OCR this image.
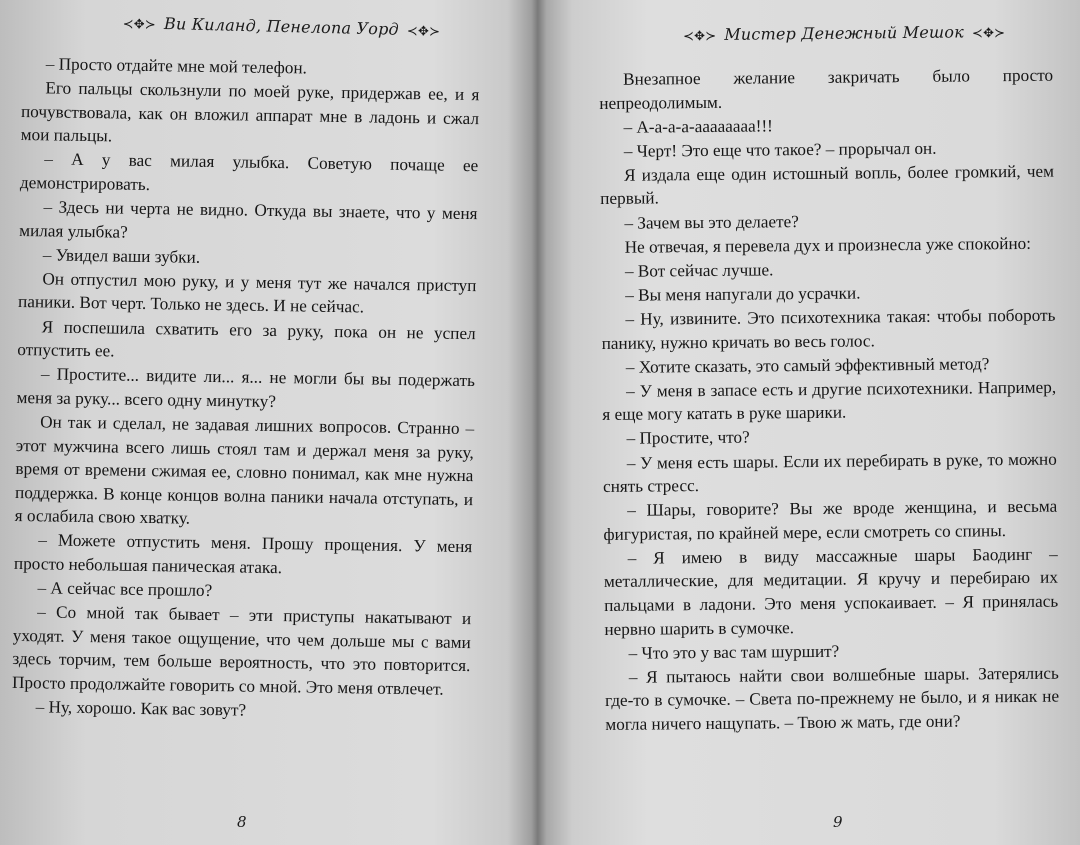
≺✥≻ Ви Киланд, Пенелопа Уорд ≺✥≻

– Просто отдайте мне мой телефон.

Его пальцы скользнули по моей руке, придержав ее, и я почувствовала, как он вложил аппарат мне в ладонь и сжал мои пальцы.

– А у вас милая улыбка. Советую почаще ее демонстрировать.

– Здесь ни черта не видно. Откуда вы знаете, что у меня милая улыбка?

– Увидел ваши зубки.

Он отпустил мою руку, и у меня тут же начался приступ паники. Вот черт. Только не здесь. И не сейчас.

Я поспешила схватить его за руку, пока он не успел отпустить ее.

– Простите... видите ли... я... не могли бы вы подержать меня за руку... всего одну минутку?

Он так и сделал, не задавая лишних вопросов. Странно – этот мужчина всего лишь стоял там и держал меня за руку, время от времени сжимая ее, словно понимал, как мне нужна поддержка. В конце концов волна паники начала отступать, и я ослабила свою хватку.

– Можете отпустить меня. Прошу прощения. У меня просто небольшая паническая атака.

– А сейчас все прошло?

– Со мной так бывает – эти приступы накатывают и уходят. У меня такое ощущение, что чем дольше мы с вами здесь торчим, тем больше вероятность, что это повторится. Просто продолжайте говорить со мной. Это меня отвлечет.

– Ну, хорошо. Как вас зовут?

8
≺✥≻ Мистер Денежный Мешок ≺✥≻

Внезапное желание закричать было просто непреодолимым.

– А-а-а-а-аааааааа!!!

– Черт! Это еще что такое? – прорычал он.

Я издала еще один истошный вопль, более громкий, чем первый.

– Зачем вы это делаете?

Не отвечая, я перевела дух и произнесла уже спокойно:

– Вот сейчас лучше.

– Вы меня напугали до усрачки.

– Ну, извините. Это психотехника такая: чтобы побороть панику, нужно кричать во весь голос.

– Хотите сказать, это самый эффективный метод?

– У меня в запасе есть и другие психотехники. Например, я еще могу катать в руке шарики.

– Простите, что?

– У меня есть шары. Если их перебирать в руке, то можно снять стресс.

– Шары, говорите? Вы же вроде женщина, и весьма фигуристая, по крайней мере, если смотреть со спины.

– Я имею в виду массажные шары Баодинг – металлические, для медитации. Я кручу и перебираю их пальцами в ладони. Это меня успокаивает. – Я принялась нервно шарить в сумочке.

– Что это у вас там шуршит?

– Я пытаюсь найти свои волшебные шары. Затерялись где-то в сумочке. – Света по-прежнему не было, и я никак не могла ничего нащупать. – Твою ж мать, где они?

9
